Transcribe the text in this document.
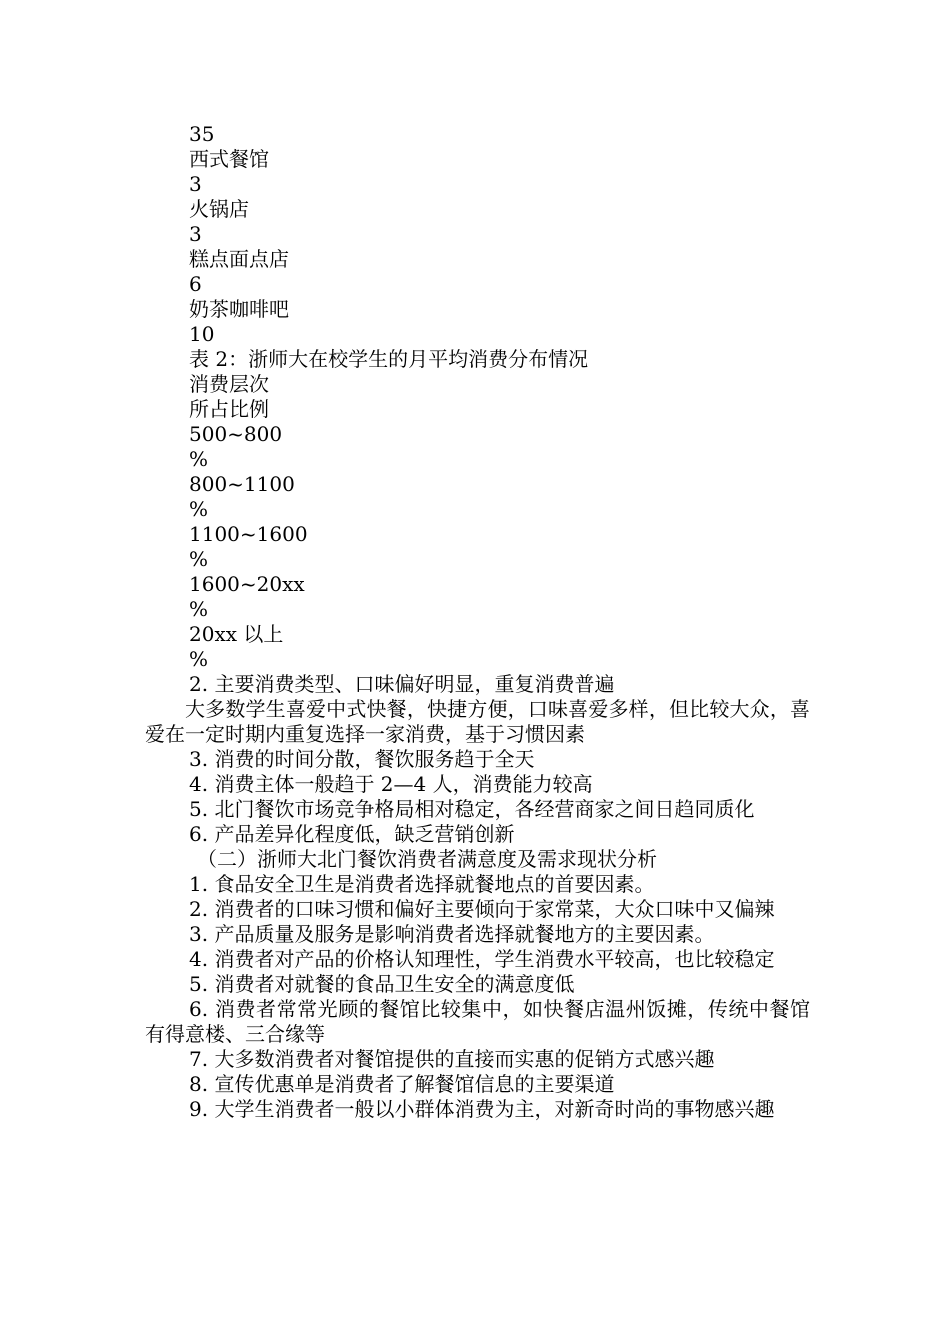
35

西式餐馆

3

火锅店

3

糕点面点店

6

奶茶咖啡吧

10

表 2：浙师大在校学生的月平均消费分布情况

消费层次

所占比例

500~800

%

800~1100

%

1100~1600

%

1600~20xx

%

20xx 以上

%

2. 主要消费类型、口味偏好明显，重复消费普遍

大多数学生喜爱中式快餐，快捷方便，口味喜爱多样，但比较大众，喜爱在一定时期内重复选择一家消费，基于习惯因素

3. 消费的时间分散，餐饮服务趋于全天

4. 消费主体一般趋于 2—4 人，消费能力较高

5. 北门餐饮市场竞争格局相对稳定，各经营商家之间日趋同质化

6. 产品差异化程度低，缺乏营销创新

（二）浙师大北门餐饮消费者满意度及需求现状分析

1. 食品安全卫生是消费者选择就餐地点的首要因素。

2. 消费者的口味习惯和偏好主要倾向于家常菜，大众口味中又偏辣

3. 产品质量及服务是影响消费者选择就餐地方的主要因素。

4. 消费者对产品的价格认知理性，学生消费水平较高，也比较稳定

5. 消费者对就餐的食品卫生安全的满意度低

6. 消费者常常光顾的餐馆比较集中，如快餐店温州饭摊，传统中餐馆有得意楼、三合缘等

7. 大多数消费者对餐馆提供的直接而实惠的促销方式感兴趣

8. 宣传优惠单是消费者了解餐馆信息的主要渠道

9. 大学生消费者一般以小群体消费为主，对新奇时尚的事物感兴趣
